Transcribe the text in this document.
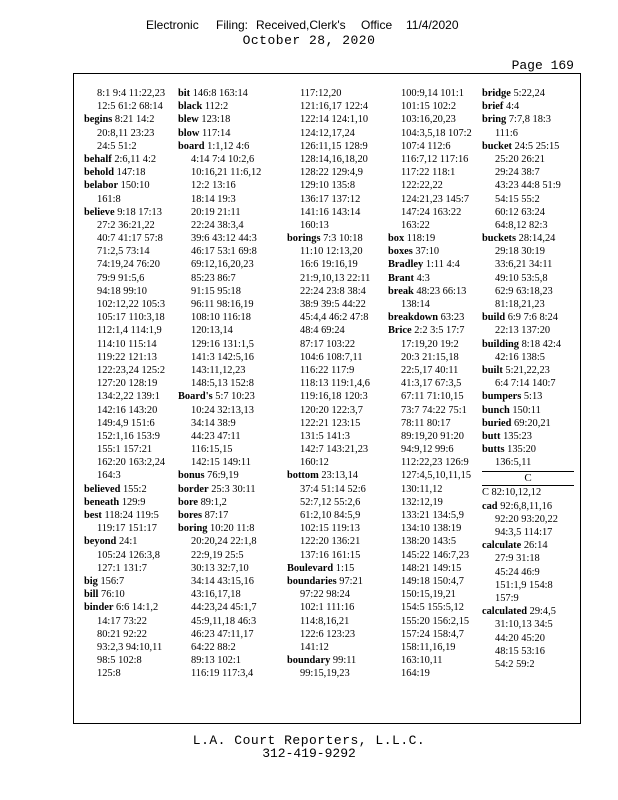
Electronic Filing: Received,Clerk's Office 11/4/2020
October 28, 2020
Page 169
8:1 9:4 11:22,23
12:5 61:2 68:14
begins 8:21 14:2
20:8,11 23:23
24:5 51:2
behalf 2:6,11 4:2
behold 147:18
belabor 150:10
161:8
believe 9:18 17:13
27:2 36:21,22
40:7 41:17 57:8
71:2,5 73:14
74:19,24 76:20
79:9 91:5,6
94:18 99:10
102:12,22 105:3
105:17 110:3,18
112:1,4 114:1,9
114:10 115:14
119:22 121:13
122:23,24 125:2
127:20 128:19
134:2,22 139:1
142:16 143:20
149:4,9 151:6
152:1,16 153:9
155:1 157:21
162:20 163:2,24
164:3
believed 155:2
beneath 129:9
best 118:24 119:5
119:17 151:17
beyond 24:1
105:24 126:3,8
127:1 131:7
big 156:7
bill 76:10
binder 6:6 14:1,2
14:17 73:22
80:21 92:22
93:2,3 94:10,11
98:5 102:8
125:8
bit 146:8 163:14
black 112:2
blew 123:18
blow 117:14
board 1:1,12 4:6
4:14 7:4 10:2,6
10:16,21 11:6,12
12:2 13:16
18:14 19:3
20:19 21:11
22:24 38:3,4
39:6 43:12 44:3
46:17 53:1 69:8
69:12,16,20,23
85:23 86:7
91:15 95:18
96:11 98:16,19
108:10 116:18
120:13,14
129:16 131:1,5
141:3 142:5,16
143:11,12,23
148:5,13 152:8
Board's 5:7 10:23
10:24 32:13,13
34:14 38:9
44:23 47:11
116:15,15
142:15 149:11
bonus 76:9,19
border 25:3 30:11
bore 89:1,2
bores 87:17
boring 10:20 11:8
20:20,24 22:1,8
22:9,19 25:5
30:13 32:7,10
34:14 43:15,16
43:16,17,18
44:23,24 45:1,7
45:9,11,18 46:3
46:23 47:11,17
64:22 88:2
89:13 102:1
116:19 117:3,4
117:12,20
121:16,17 122:4
122:14 124:1,10
124:12,17,24
126:11,15 128:9
128:14,16,18,20
128:22 129:4,9
129:10 135:8
136:17 137:12
141:16 143:14
160:13
borings 7:3 10:18
11:10 12:13,20
16:6 19:16,19
21:9,10,13 22:11
22:24 23:8 38:4
38:9 39:5 44:22
45:4,4 46:2 47:8
48:4 69:24
87:17 103:22
104:6 108:7,11
116:22 117:9
118:13 119:1,4,6
119:16,18 120:3
120:20 122:3,7
122:21 123:15
131:5 141:3
142:7 143:21,23
160:12
bottom 23:13,14
37:4 51:14 52:6
52:7,12 55:2,6
61:2,10 84:5,9
102:15 119:13
122:20 136:21
137:16 161:15
Boulevard 1:15
boundaries 97:21
97:22 98:24
102:1 111:16
114:8,16,21
122:6 123:23
141:12
boundary 99:11
99:15,19,23
100:9,14 101:1
101:15 102:2
103:16,20,23
104:3,5,18 107:2
107:4 112:6
116:7,12 117:16
117:22 118:1
122:22,22
124:21,23 145:7
147:24 163:22
163:22
box 118:19
boxes 37:10
Bradley 1:11 4:4
Brant 4:3
break 48:23 66:13
138:14
breakdown 63:23
Brice 2:2 3:5 17:7
17:19,20 19:2
20:3 21:15,18
22:5,17 40:11
41:3,17 67:3,5
67:11 71:10,15
73:7 74:22 75:1
78:11 80:17
89:19,20 91:20
94:9,12 99:6
112:22,23 126:9
127:4,5,10,11,15
130:11,12
132:12,19
133:21 134:5,9
134:10 138:19
138:20 143:5
145:22 146:7,23
148:21 149:15
149:18 150:4,7
150:15,19,21
154:5 155:5,12
155:20 156:2,15
157:24 158:4,7
158:11,16,19
163:10,11
164:19
bridge 5:22,24
brief 4:4
bring 7:7,8 18:3
111:6
bucket 24:5 25:15
25:20 26:21
29:24 38:7
43:23 44:8 51:9
54:15 55:2
60:12 63:24
64:8,12 82:3
buckets 28:14,24
29:18 30:19
33:6,21 34:11
49:10 53:5,8
62:9 63:18,23
81:18,21,23
build 6:9 7:6 8:24
22:13 137:20
building 8:18 42:4
42:16 138:5
built 5:21,22,23
6:4 7:14 140:7
bumpers 5:13
bunch 150:11
buried 69:20,21
butt 135:23
butts 135:20
136:5,11
C
C 82:10,12,12
cad 92:6,8,11,16
92:20 93:20,22
94:3,5 114:17
calculate 26:14
27:9 31:18
45:24 46:9
151:1,9 154:8
157:9
calculated 29:4,5
31:10,13 34:5
44:20 45:20
48:15 53:16
54:2 59:2
L.A. Court Reporters, L.L.C.
312-419-9292
